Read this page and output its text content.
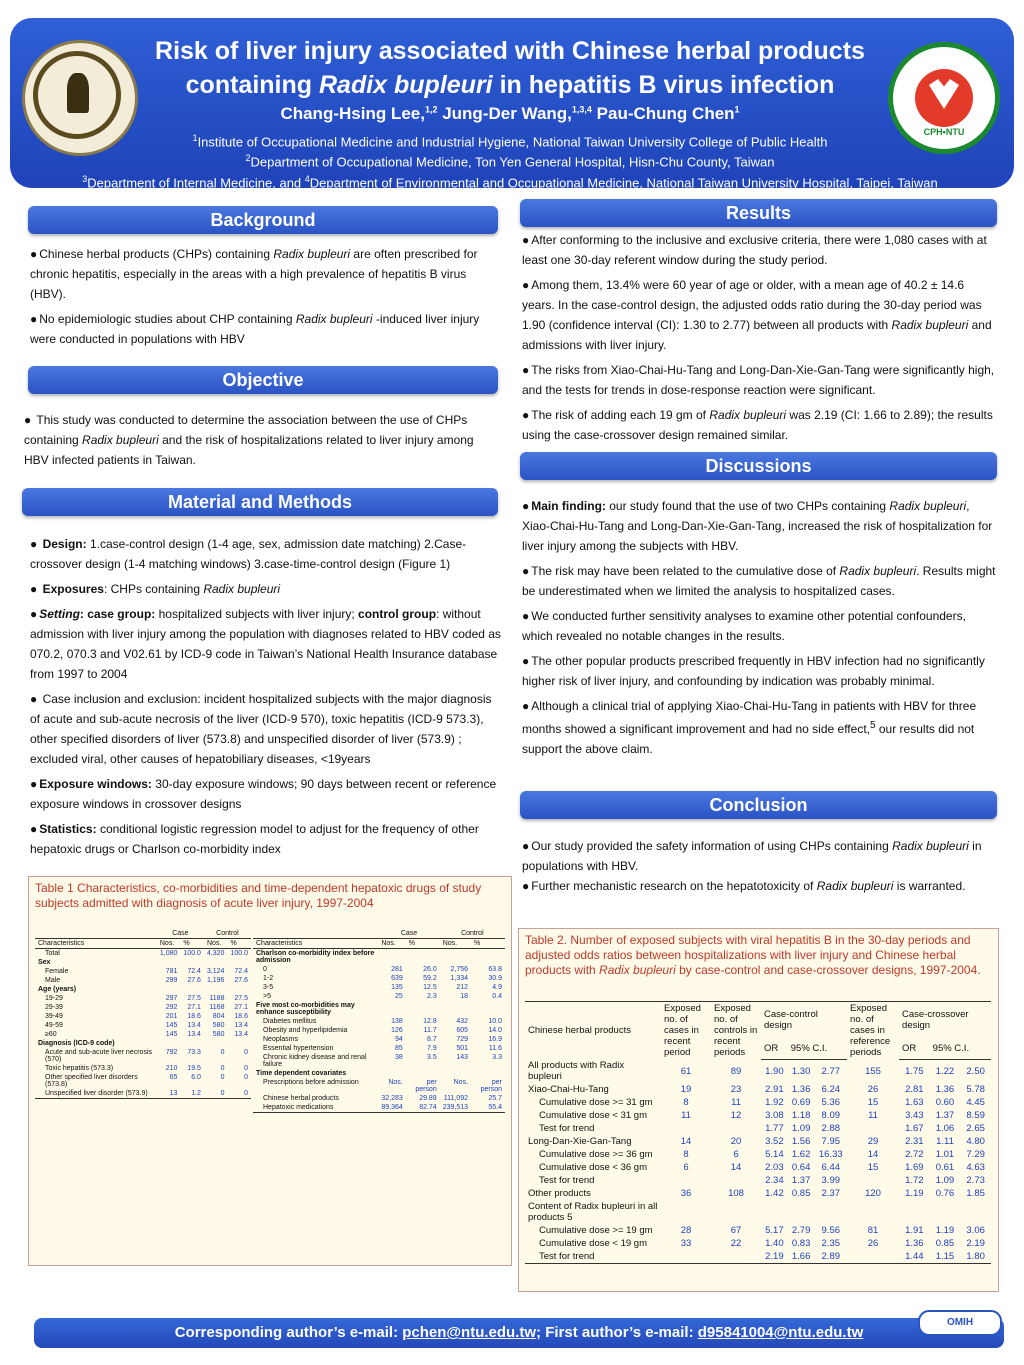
CPH•NTU
Risk of liver injury associated with Chinese herbal products
containing Radix bupleuri in hepatitis B virus infection
Chang-Hsing Lee,$^{1,2}$ Jung-Der Wang,$^{1,3,4}$ Pau-Chung Chen$^1$
$^1$Institute of Occupational Medicine and Industrial Hygiene, National Taiwan University College of Public Health
$^2$Department of Occupational Medicine, Ton Yen General Hospital, Hisn-Chu County, Taiwan
$^3$Department of Internal Medicine, and $^4$Department of Environmental and Occupational Medicine, National Taiwan University Hospital, Taipei, Taiwan
Background

● Chinese herbal products (CHPs) containing Radix bupleuri are often prescribed for chronic hepatitis, especially in the areas with a high prevalence of hepatitis B virus (HBV).

● No epidemiologic studies about CHP containing Radix bupleuri -induced liver injury were conducted in populations with HBV

Objective

● This study was conducted to determine the association between the use of CHPs containing Radix bupleuri and the risk of hospitalizations related to liver injury among HBV infected patients in Taiwan.

Material and Methods

● Design: 1.case-control design (1-4 age, sex, admission date matching) 2.Case-crossover design (1-4 matching windows) 3.case-time-control design (Figure 1)

● Exposures: CHPs containing Radix bupleuri

● Setting: case group: hospitalized subjects with liver injury; control group: without admission with liver injury among the population with diagnoses related to HBV coded as 070.2, 070.3 and V02.61 by ICD-9 code in Taiwan’s National Health Insurance database from 1997 to 2004

● Case inclusion and exclusion: incident hospitalized subjects with the major diagnosis of acute and sub-acute necrosis of the liver (ICD-9 570), toxic hepatitis (ICD-9 573.3), other specified disorders of liver (573.8) and unspecified disorder of liver (573.9) ; excluded viral, other causes of hepatobiliary diseases, <19years

● Exposure windows: 30-day exposure windows; 90 days between recent or reference exposure windows in crossover designs

● Statistics: conditional logistic regression model to adjust for the frequency of other hepatoxic drugs or Charlson co-morbidity index

Table 1 Characteristics, co-morbidities and time-dependent hepatoxic drugs of study subjects admitted with diagnosis of acute liver injury, 1997-2004
	Case		Control	
Characteristics	Nos.	%	Nos.	%
Total	1,080	100.0	4,320	100.0
Sex				
Female	781	72.4	3,124	72.4
Male	299	27.6	1,196	27.6
Age (years)				
19-29	297	27.5	1188	27.5
29-39	292	27.1	1168	27.1
39-49	201	18.6	804	18.6
49-59	145	13.4	580	13.4
≥60	145	13.4	580	13.4
Diagnosis (ICD-9 code)				
Acute and sub-acute liver necrosis (570)	792	73.3	0	0
Toxic hepatitis (573.3)	210	19.5	0	0
Other specified liver disorders (573.8)	65	6.0	0	0
Unspecified liver disorder (573.9)	13	1.2	0	0
	Case		Control	
Characteristics	Nos.	%	Nos.	%
Charlson co-morbidity index before admission				
0	281	26.0	2,756	63.8
1-2	639	59.2	1,334	30.9
3-5	135	12.5	212	4.9
>5	25	2.3	18	0.4
Five most co-morbidities may enhance susceptibility				
Diabetes mellitus	138	12.8	432	10.0
Obesity and hyperlipidemia	126	11.7	605	14.0
Neoplasms	94	8.7	729	16.9
Essential hypertension	85	7.9	501	11.6
Chronic kidney disease and renal failure	38	3.5	143	3.3
Time dependent covariates				
Prescriptions before admission	Nos.	per person	Nos.	per person
Chinese herbal products	32,283	29.89	111,092	25.7
Hepatoxic medications	89,364	82.74	239,513	55.4
Results

● After conforming to the inclusive and exclusive criteria, there were 1,080 cases with at least one 30-day referent window during the study period.

● Among them, 13.4% were 60 year of age or older, with a mean age of 40.2 ± 14.6 years. In the case-control design, the adjusted odds ratio during the 30-day period was 1.90 (confidence interval (CI): 1.30 to 2.77) between all products with Radix bupleuri and admissions with liver injury.

● The risks from Xiao-Chai-Hu-Tang and Long-Dan-Xie-Gan-Tang were significantly high, and the tests for trends in dose-response reaction were significant.

● The risk of adding each 19 gm of Radix bupleuri was 2.19 (CI: 1.66 to 2.89); the results using the case-crossover design remained similar.

Discussions

● Main finding: our study found that the use of two CHPs containing Radix bupleuri, Xiao-Chai-Hu-Tang and Long-Dan-Xie-Gan-Tang, increased the risk of hospitalization for liver injury among the subjects with HBV.

● The risk may have been related to the cumulative dose of Radix bupleuri. Results might be underestimated when we limited the analysis to hospitalized cases.

● We conducted further sensitivity analyses to examine other potential confounders, which revealed no notable changes in the results.

● The other popular products prescribed frequently in HBV infection had no significantly higher risk of liver injury, and confounding by indication was probably minimal.

● Although a clinical trial of applying Xiao-Chai-Hu-Tang in patients with HBV for three months showed a significant improvement and had no side effect,$^5$ our results did not support the above claim.

Conclusion

● Our study provided the safety information of using CHPs containing Radix bupleuri in populations with HBV.

● Further mechanistic research on the hepatotoxicity of Radix bupleuri is warranted.

Table 2. Number of exposed subjects with viral hepatitis B in the 30-day periods and adjusted odds ratios between hospitalizations with liver injury and Chinese herbal products with Radix bupleuri by case-control and case-crossover designs, 1997-2004.
Chinese herbal products	Exposed no. of cases in recent period	Exposed no. of controls in recent periods	Case-control design			Exposed no. of cases in reference periods	Case-crossover design		
			OR	95% C.I.			OR	95% C.I.	
All products with Radix bupleuri	61	89	1.90	1.30	2.77	155	1.75	1.22	2.50
Xiao-Chai-Hu-Tang	19	23	2.91	1.36	6.24	26	2.81	1.36	5.78
Cumulative dose >= 31 gm	8	11	1.92	0.69	5.36	15	1.63	0.60	4.45
Cumulative dose < 31 gm	11	12	3.08	1.18	8.09	11	3.43	1.37	8.59
Test for trend			1.77	1.09	2.88		1.67	1.06	2.65
Long-Dan-Xie-Gan-Tang	14	20	3.52	1.56	7.95	29	2.31	1.11	4.80
Cumulative dose >= 36 gm	8	6	5.14	1.62	16.33	14	2.72	1.01	7.29
Cumulative dose < 36 gm	6	14	2.03	0.64	6.44	15	1.69	0.61	4.63
Test for trend			2.34	1.37	3.99		1.72	1.09	2.73
Other products	36	108	1.42	0.85	2.37	120	1.19	0.76	1.85
Content of Radix bupleuri in all products 5									
Cumulative dose >= 19 gm	28	67	5.17	2.79	9.56	81	1.91	1.19	3.06
Cumulative dose < 19 gm	33	22	1.40	0.83	2.35	26	1.36	0.85	2.19
Test for trend			2.19	1.66	2.89		1.44	1.15	1.80
Corresponding author’s e-mail: pchen@ntu.edu.tw; First author’s e-mail: d95841004@ntu.edu.tw
OMIH
